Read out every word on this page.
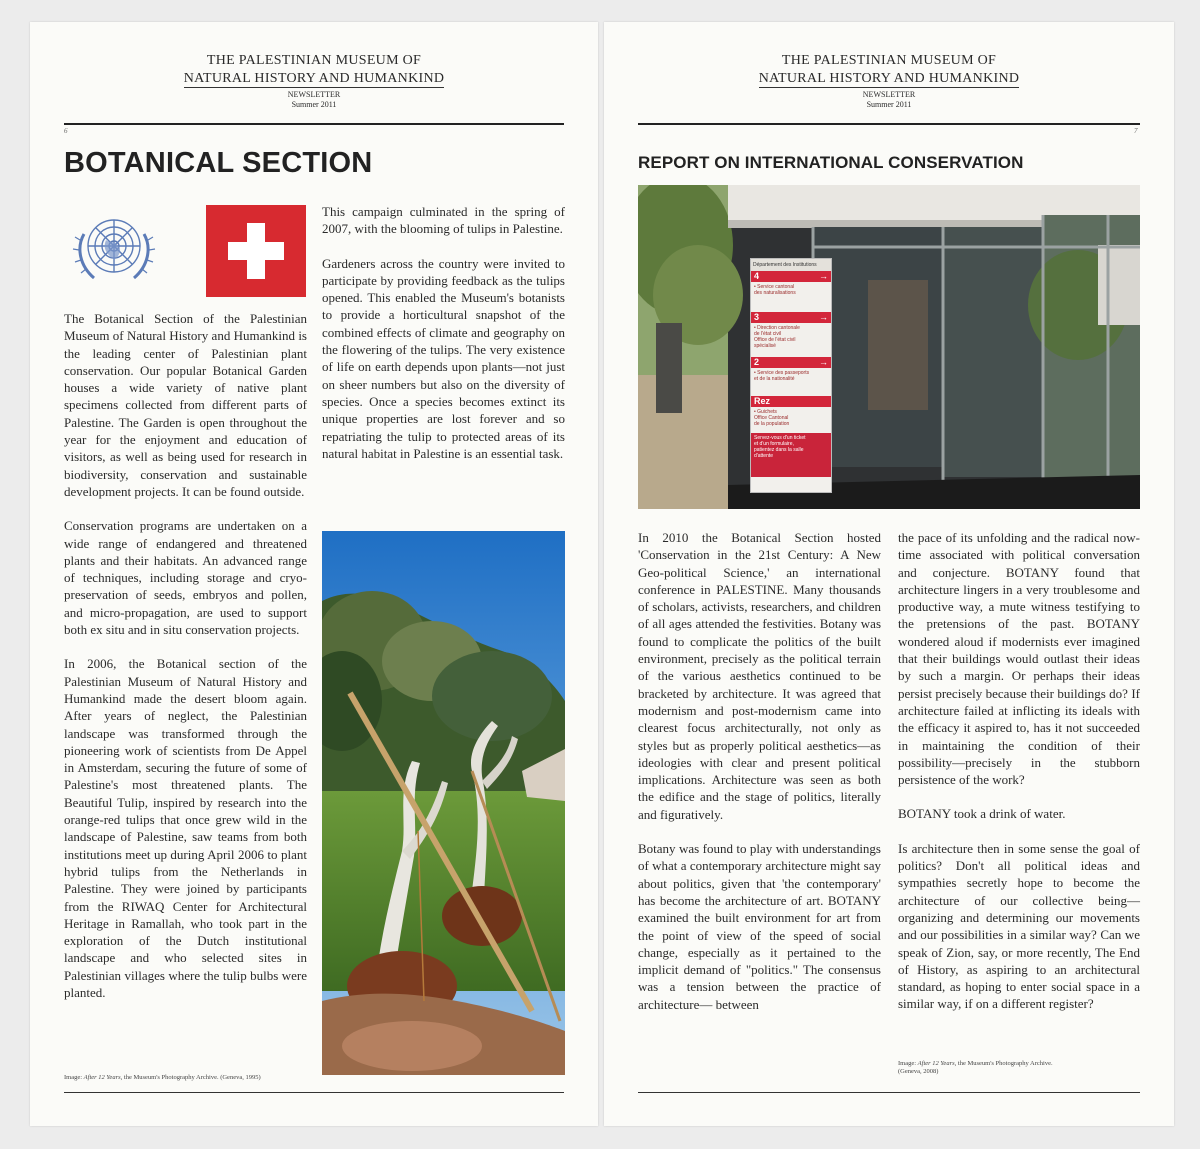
THE PALESTINIAN MUSEUM OF
NATURAL HISTORY AND HUMANKIND
NEWSLETTER
Summer 2011
6
BOTANICAL SECTION

The Botanical Section of the Palestinian Museum of Natural History and Humankind is the leading center of Palestinian plant conservation. Our popular Botanical Garden houses a wide variety of native plant specimens collected from different parts of Palestine. The Garden is open throughout the year for the enjoyment and education of visitors, as well as being used for research in biodiversity, conservation and sustainable development projects. It can be found outside.

Conservation programs are undertaken on a wide range of endangered and threatened plants and their habitats. An advanced range of techniques, including storage and cryo-preservation of seeds, embryos and pollen, and micro-propagation, are used to support both ex situ and in situ conservation projects.

In 2006, the Botanical section of the Palestinian Museum of Natural History and Humankind made the desert bloom again. After years of neglect, the Palestinian landscape was transformed through the pioneering work of scientists from De Appel in Amsterdam, securing the future of some of Palestine's most threatened plants. The Beautiful Tulip, inspired by research into the orange-red tulips that once grew wild in the landscape of Palestine, saw teams from both institutions meet up during April 2006 to plant hybrid tulips from the Netherlands in Palestine. They were joined by participants from the RIWAQ Center for Architectural Heritage in Ramallah, who took part in the exploration of the Dutch institutional landscape and who selected sites in Palestinian villages where the tulip bulbs were planted.

This campaign culminated in the spring of 2007, with the blooming of tulips in Palestine.

Gardeners across the country were invited to participate by providing feedback as the tulips opened. This enabled the Museum's botanists to provide a horticultural snapshot of the combined effects of climate and geography on the flowering of the tulips. The very existence of life on earth depends upon plants—not just on sheer numbers but also on the diversity of species. Once a species becomes extinct its unique properties are lost forever and so repatriating the tulip to protected areas of its natural habitat in Palestine is an essential task.

Image: After 12 Years, the Museum's Photography Archive. (Geneva, 1995)
THE PALESTINIAN MUSEUM OF
NATURAL HISTORY AND HUMANKIND
NEWSLETTER
Summer 2011
7
REPORT ON INTERNATIONAL CONSERVATION
Département des Institutions
4	→
• Service cantonal
des naturalisations
3	→
• Direction cantonale
de l'état civil
Office de l'état civil
spécialisé
2	→
• Service des passeports
et de la nationalité
Rez
• Guichets
Office Cantonal
de la population
Servez-vous d'un ticket
et d'un formulaire,
patientez dans la salle
d'attente

In 2010 the Botanical Section hosted 'Conservation in the 21st Century: A New Geo-political Science,' an international conference in PALESTINE. Many thousands of scholars, activists, researchers, and children of all ages attended the festivities. Botany was found to complicate the politics of the built environment, precisely as the political terrain of the various aesthetics continued to be bracketed by architecture. It was agreed that modernism and post-modernism came into clearest focus architecturally, not only as styles but as properly political aesthetics—as ideologies with clear and present political implications. Architecture was seen as both the edifice and the stage of politics, literally and figuratively.

Botany was found to play with understandings of what a contemporary architecture might say about politics, given that 'the contemporary' has become the architecture of art. BOTANY examined the built environment for art from the point of view of the speed of social change, especially as it pertained to the implicit demand of "politics." The consensus was a tension between the practice of architecture— between

the pace of its unfolding and the radical now-time associated with political conversation and conjecture. BOTANY found that architecture lingers in a very troublesome and productive way, a mute witness testifying to the pretensions of the past. BOTANY wondered aloud if modernists ever imagined that their buildings would outlast their ideas by such a margin. Or perhaps their ideas persist precisely because their buildings do? If architecture failed at inflicting its ideals with the efficacy it aspired to, has it not succeeded in maintaining the condition of their possibility—precisely in the stubborn persistence of the work?

BOTANY took a drink of water.

Is architecture then in some sense the goal of politics? Don't all political ideas and sympathies secretly hope to become the architecture of our collective being—organizing and determining our movements and our possibilities in a similar way? Can we speak of Zion, say, or more recently, The End of History, as aspiring to an architectural standard, as hoping to enter social space in a similar way, if on a different register?

Image: After 12 Years, the Museum's Photography Archive.
(Geneva, 2008)
